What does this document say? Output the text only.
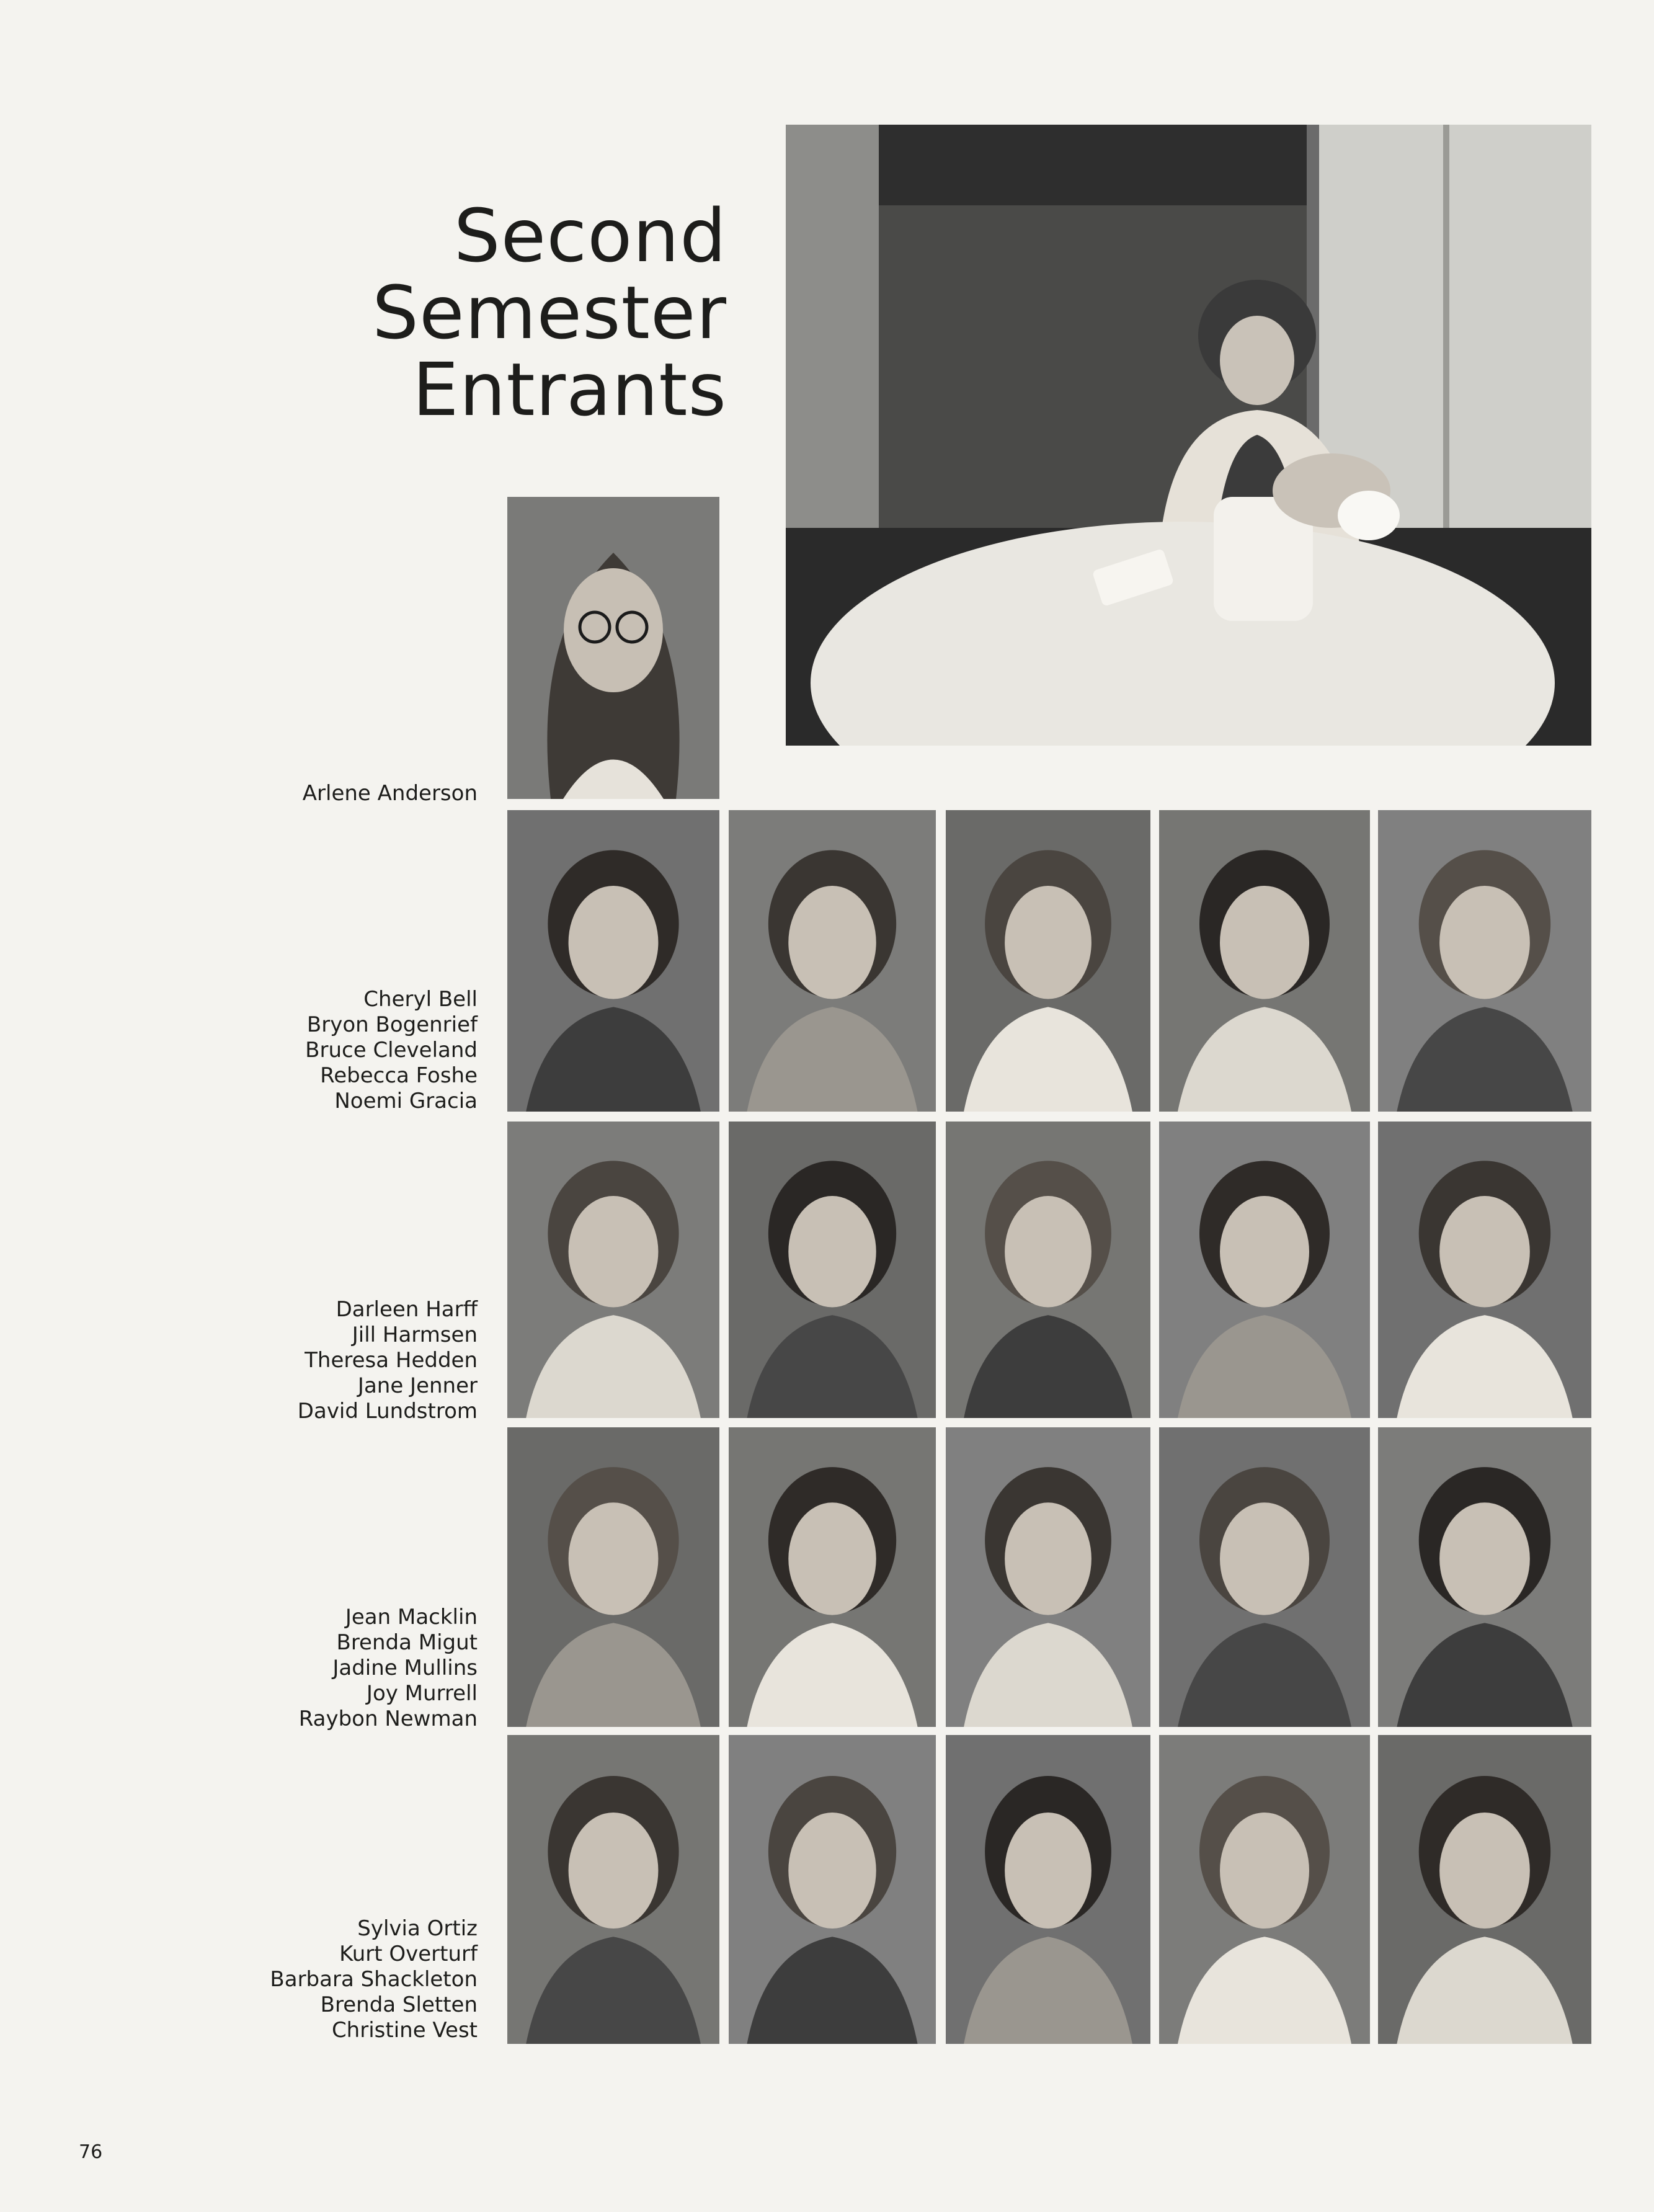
Second
Semester
Entrants
Arlene Anderson
Cheryl Bell
Bryon Bogenrief
Bruce Cleveland
Rebecca Foshe
Noemi Gracia
Darleen Harff
Jill Harmsen
Theresa Hedden
Jane Jenner
David Lundstrom
Jean Macklin
Brenda Migut
Jadine Mullins
Joy Murrell
Raybon Newman
Sylvia Ortiz
Kurt Overturf
Barbara Shackleton
Brenda Sletten
Christine Vest
76
